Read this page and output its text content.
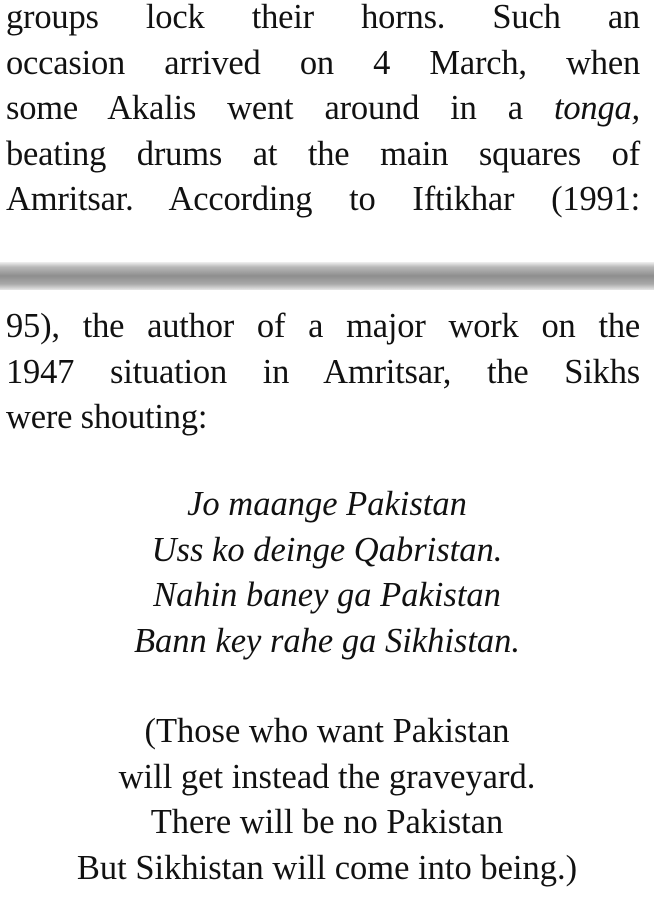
groups lock their horns. Such an
occasion arrived on 4 March, when
some Akalis went around in a tonga,
beating drums at the main squares of
Amritsar. According to Iftikhar (1991:

95), the author of a major work on the
1947 situation in Amritsar, the Sikhs
were shouting:

Jo maange Pakistan
Uss ko deinge Qabristan.
Nahin baney ga Pakistan
Bann key rahe ga Sikhistan.

(Those who want Pakistan
will get instead the graveyard.
There will be no Pakistan
But Sikhistan will come into being.)
